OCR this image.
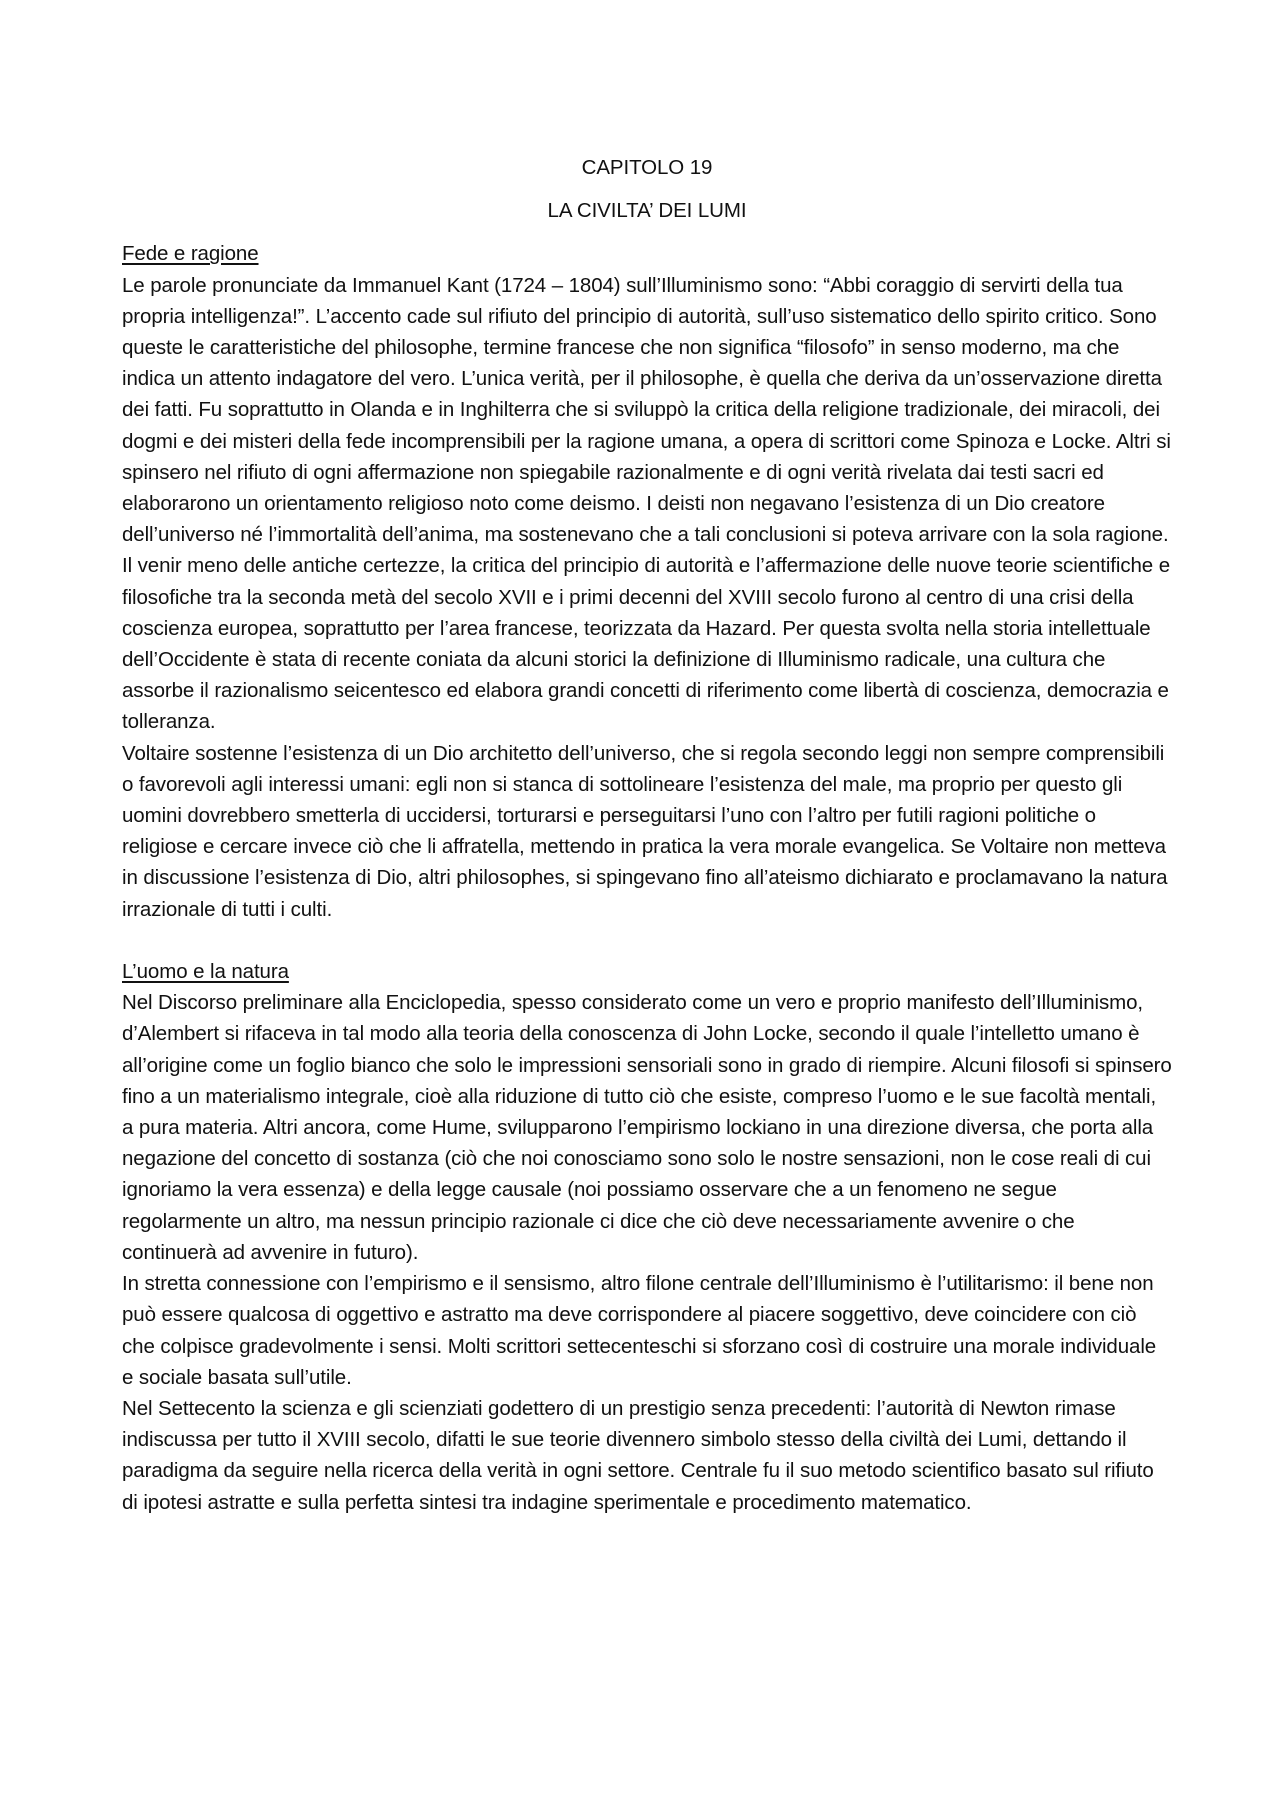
CAPITOLO 19

LA CIVILTA’ DEI LUMI

Fede e ragione

Le parole pronunciate da Immanuel Kant (1724 – 1804) sull’Illuminismo sono: “Abbi coraggio di servirti della tua propria intelligenza!”. L’accento cade sul rifiuto del principio di autorità, sull’uso sistematico dello spirito critico. Sono queste le caratteristiche del philosophe, termine francese che non significa “filosofo” in senso moderno, ma che indica un attento indagatore del vero. L’unica verità, per il philosophe, è quella che deriva da un’osservazione diretta dei fatti. Fu soprattutto in Olanda e in Inghilterra che si sviluppò la critica della religione tradizionale, dei miracoli, dei dogmi e dei misteri della fede incomprensibili per la ragione umana, a opera di scrittori come Spinoza e Locke. Altri si spinsero nel rifiuto di ogni affermazione non spiegabile razionalmente e di ogni verità rivelata dai testi sacri ed elaborarono un orientamento religioso noto come deismo. I deisti non negavano l’esistenza di un Dio creatore dell’universo né l’immortalità dell’anima, ma sostenevano che a tali conclusioni si poteva arrivare con la sola ragione.

Il venir meno delle antiche certezze, la critica del principio di autorità e l’affermazione delle nuove teorie scientifiche e filosofiche tra la seconda metà del secolo XVII e i primi decenni del XVIII secolo furono al centro di una crisi della coscienza europea, soprattutto per l’area francese, teorizzata da Hazard. Per questa svolta nella storia intellettuale dell’Occidente è stata di recente coniata da alcuni storici la definizione di Illuminismo radicale, una cultura che assorbe il razionalismo seicentesco ed elabora grandi concetti di riferimento come libertà di coscienza, democrazia e tolleranza.

Voltaire sostenne l’esistenza di un Dio architetto dell’universo, che si regola secondo leggi non sempre comprensibili o favorevoli agli interessi umani: egli non si stanca di sottolineare l’esistenza del male, ma proprio per questo gli uomini dovrebbero smetterla di uccidersi, torturarsi e perseguitarsi l’uno con l’altro per futili ragioni politiche o religiose e cercare invece ciò che li affratella, mettendo in pratica la vera morale evangelica. Se Voltaire non metteva in discussione l’esistenza di Dio, altri philosophes, si spingevano fino all’ateismo dichiarato e proclamavano la natura irrazionale di tutti i culti.

L’uomo e la natura

Nel Discorso preliminare alla Enciclopedia, spesso considerato come un vero e proprio manifesto dell’Illuminismo, d’Alembert si rifaceva in tal modo alla teoria della conoscenza di John Locke, secondo il quale l’intelletto umano è all’origine come un foglio bianco che solo le impressioni sensoriali sono in grado di riempire. Alcuni filosofi si spinsero fino a un materialismo integrale, cioè alla riduzione di tutto ciò che esiste, compreso l’uomo e le sue facoltà mentali, a pura materia. Altri ancora, come Hume, svilupparono l’empirismo lockiano in una direzione diversa, che porta alla negazione del concetto di sostanza (ciò che noi conosciamo sono solo le nostre sensazioni, non le cose reali di cui ignoriamo la vera essenza) e della legge causale (noi possiamo osservare che a un fenomeno ne segue regolarmente un altro, ma nessun principio razionale ci dice che ciò deve necessariamente avvenire o che continuerà ad avvenire in futuro).

In stretta connessione con l’empirismo e il sensismo, altro filone centrale dell’Illuminismo è l’utilitarismo: il bene non può essere qualcosa di oggettivo e astratto ma deve corrispondere al piacere soggettivo, deve coincidere con ciò che colpisce gradevolmente i sensi. Molti scrittori settecenteschi si sforzano così di costruire una morale individuale e sociale basata sull’utile.

Nel Settecento la scienza e gli scienziati godettero di un prestigio senza precedenti: l’autorità di Newton rimase indiscussa per tutto il XVIII secolo, difatti le sue teorie divennero simbolo stesso della civiltà dei Lumi, dettando il paradigma da seguire nella ricerca della verità in ogni settore. Centrale fu il suo metodo scientifico basato sul rifiuto di ipotesi astratte e sulla perfetta sintesi tra indagine sperimentale e procedimento matematico.
